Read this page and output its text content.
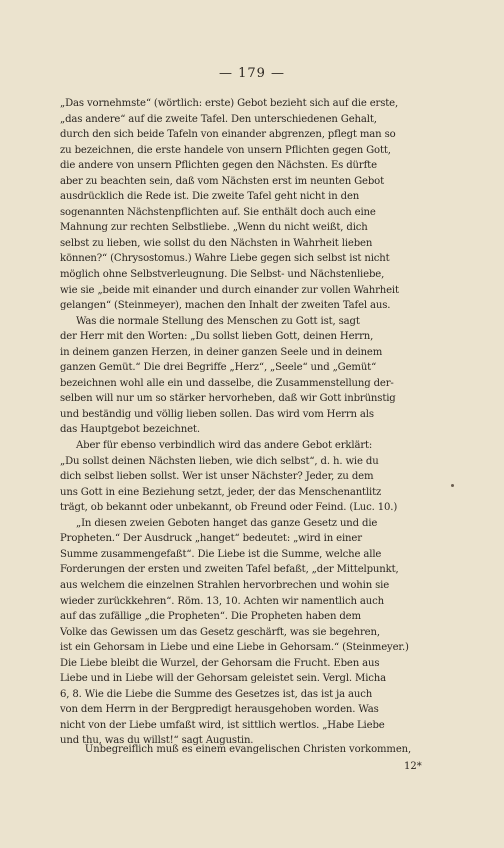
— 179 —
„Das vornehmste“ (wörtlich: erste) Gebot bezieht sich auf die erste,
„das andere“ auf die zweite Tafel. Den unterschiedenen Gehalt,
durch den sich beide Tafeln von einander abgrenzen, pflegt man so
zu bezeichnen, die erste handele von unsern Pflichten gegen Gott,
die andere von unsern Pflichten gegen den Nächsten. Es dürfte
aber zu beachten sein, daß vom Nächsten erst im neunten Gebot
ausdrücklich die Rede ist. Die zweite Tafel geht nicht in den
sogenannten Nächstenpflichten auf. Sie enthält doch auch eine
Mahnung zur rechten Selbstliebe. „Wenn du nicht weißt, dich
selbst zu lieben, wie sollst du den Nächsten in Wahrheit lieben
können?“ (Chrysostomus.) Wahre Liebe gegen sich selbst ist nicht
möglich ohne Selbstverleugnung. Die Selbst- und Nächstenliebe,
wie sie „beide mit einander und durch einander zur vollen Wahrheit
gelangen“ (Steinmeyer), machen den Inhalt der zweiten Tafel aus.
Was die normale Stellung des Menschen zu Gott ist, sagt
der Herr mit den Worten: „Du sollst lieben Gott, deinen Herrn,
in deinem ganzen Herzen, in deiner ganzen Seele und in deinem
ganzen Gemüt.“ Die drei Begriffe „Herz“, „Seele“ und „Gemüt“
bezeichnen wohl alle ein und dasselbe, die Zusammenstellung der-
selben will nur um so stärker hervorheben, daß wir Gott inbrünstig
und beständig und völlig lieben sollen. Das wird vom Herrn als
das Hauptgebot bezeichnet.
Aber für ebenso verbindlich wird das andere Gebot erklärt:
„Du sollst deinen Nächsten lieben, wie dich selbst“, d. h. wie du
dich selbst lieben sollst. Wer ist unser Nächster? Jeder, zu dem
uns Gott in eine Beziehung setzt, jeder, der das Menschenantlitz
trägt, ob bekannt oder unbekannt, ob Freund oder Feind. (Luc. 10.)
„In diesen zweien Geboten hanget das ganze Gesetz und die
Propheten.“ Der Ausdruck „hanget“ bedeutet: „wird in einer
Summe zusammengefaßt“. Die Liebe ist die Summe, welche alle
Forderungen der ersten und zweiten Tafel befaßt, „der Mittelpunkt,
aus welchem die einzelnen Strahlen hervorbrechen und wohin sie
wieder zurückkehren“. Röm. 13, 10. Achten wir namentlich auch
auf das zufällige „die Propheten“. Die Propheten haben dem
Volke das Gewissen um das Gesetz geschärft, was sie begehren,
ist ein Gehorsam in Liebe und eine Liebe in Gehorsam.“ (Steinmeyer.)
Die Liebe bleibt die Wurzel, der Gehorsam die Frucht. Eben aus
Liebe und in Liebe will der Gehorsam geleistet sein. Vergl. Micha
6, 8. Wie die Liebe die Summe des Gesetzes ist, das ist ja auch
von dem Herrn in der Bergpredigt herausgehoben worden. Was
nicht von der Liebe umfaßt wird, ist sittlich wertlos. „Habe Liebe
und thu, was du willst!“ sagt Augustin.
Unbegreiflich muß es einem evangelischen Christen vorkommen,
12*
